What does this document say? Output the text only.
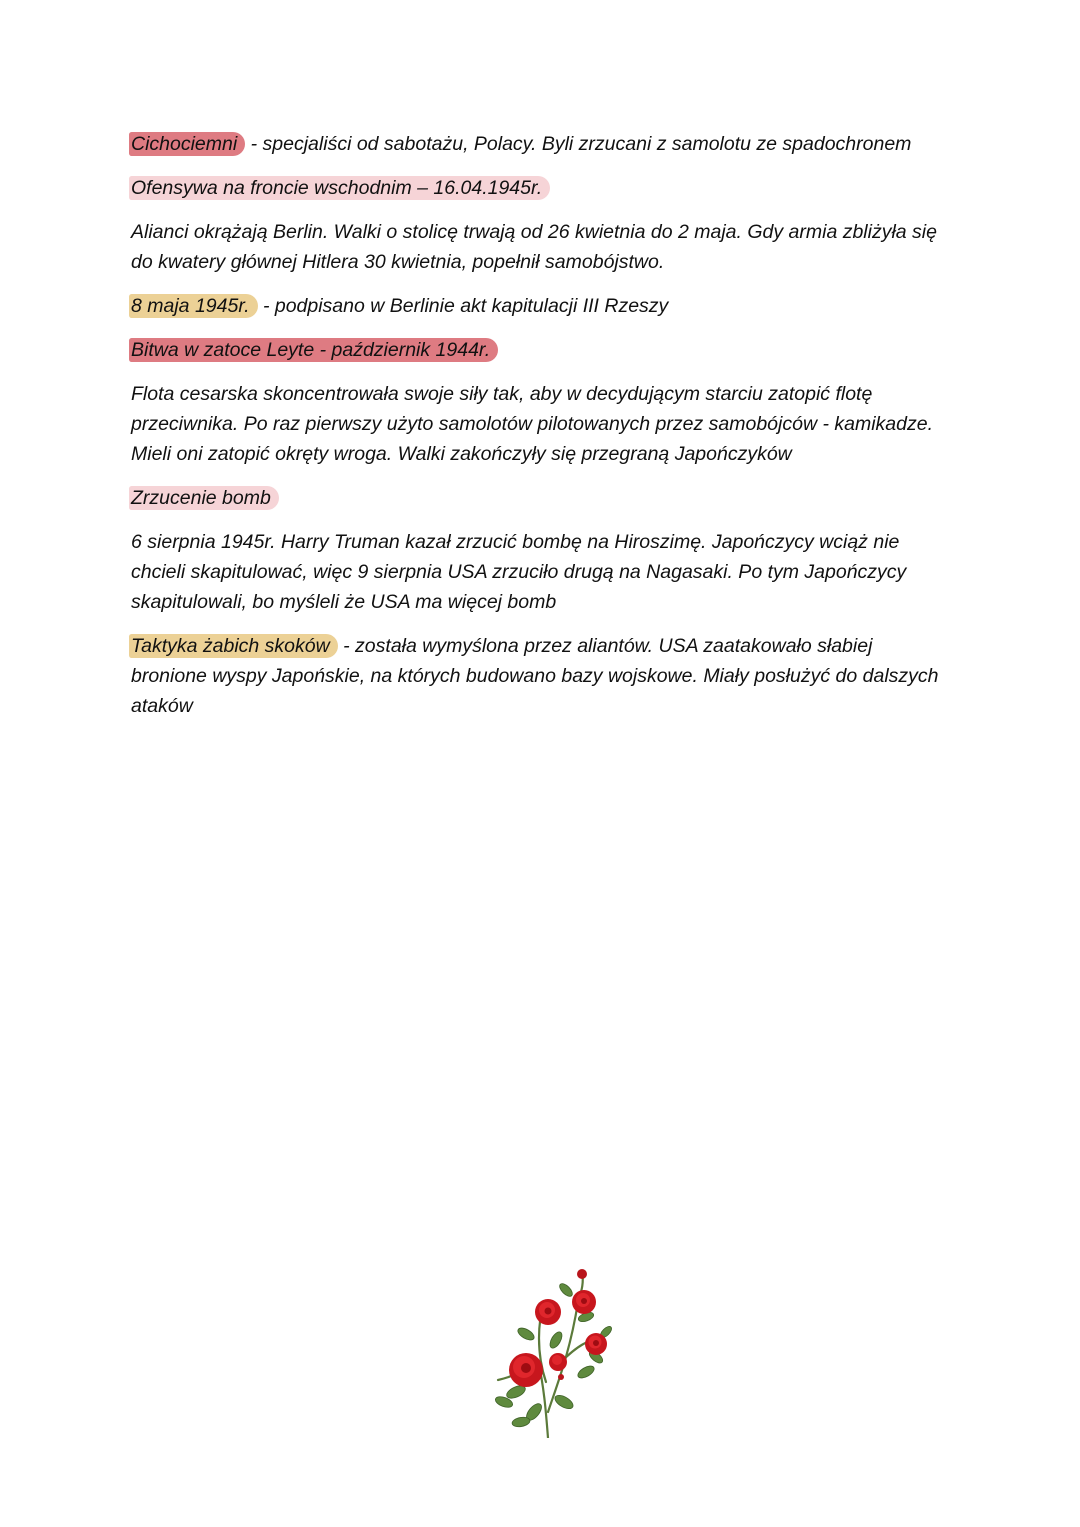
Cichociemni - specjaliści od sabotażu, Polacy. Byli zrzucani z samolotu ze spadochronem

Ofensywa na froncie wschodnim – 16.04.1945r.

Alianci okrążają Berlin. Walki o stolicę trwają od 26 kwietnia do 2 maja. Gdy armia zbliżyła się do kwatery głównej Hitlera 30 kwietnia, popełnił samobójstwo.

8 maja 1945r. - podpisano w Berlinie akt kapitulacji III Rzeszy

Bitwa w zatoce Leyte - październik 1944r.

Flota cesarska skoncentrowała swoje siły tak, aby w decydującym starciu zatopić flotę przeciwnika. Po raz pierwszy użyto samolotów pilotowanych przez samobójców - kamikadze. Mieli oni zatopić okręty wroga. Walki zakończyły się przegraną Japończyków

Zrzucenie bomb

6 sierpnia 1945r. Harry Truman kazał zrzucić bombę na Hiroszimę. Japończycy wciąż nie chcieli skapitulować, więc 9 sierpnia USA zrzuciło drugą na Nagasaki. Po tym Japończycy skapitulowali, bo myśleli że USA ma więcej bomb

Taktyka żabich skoków - została wymyślona przez aliantów. USA zaatakowało słabiej bronione wyspy Japońskie, na których budowano bazy wojskowe. Miały posłużyć do dalszych ataków
